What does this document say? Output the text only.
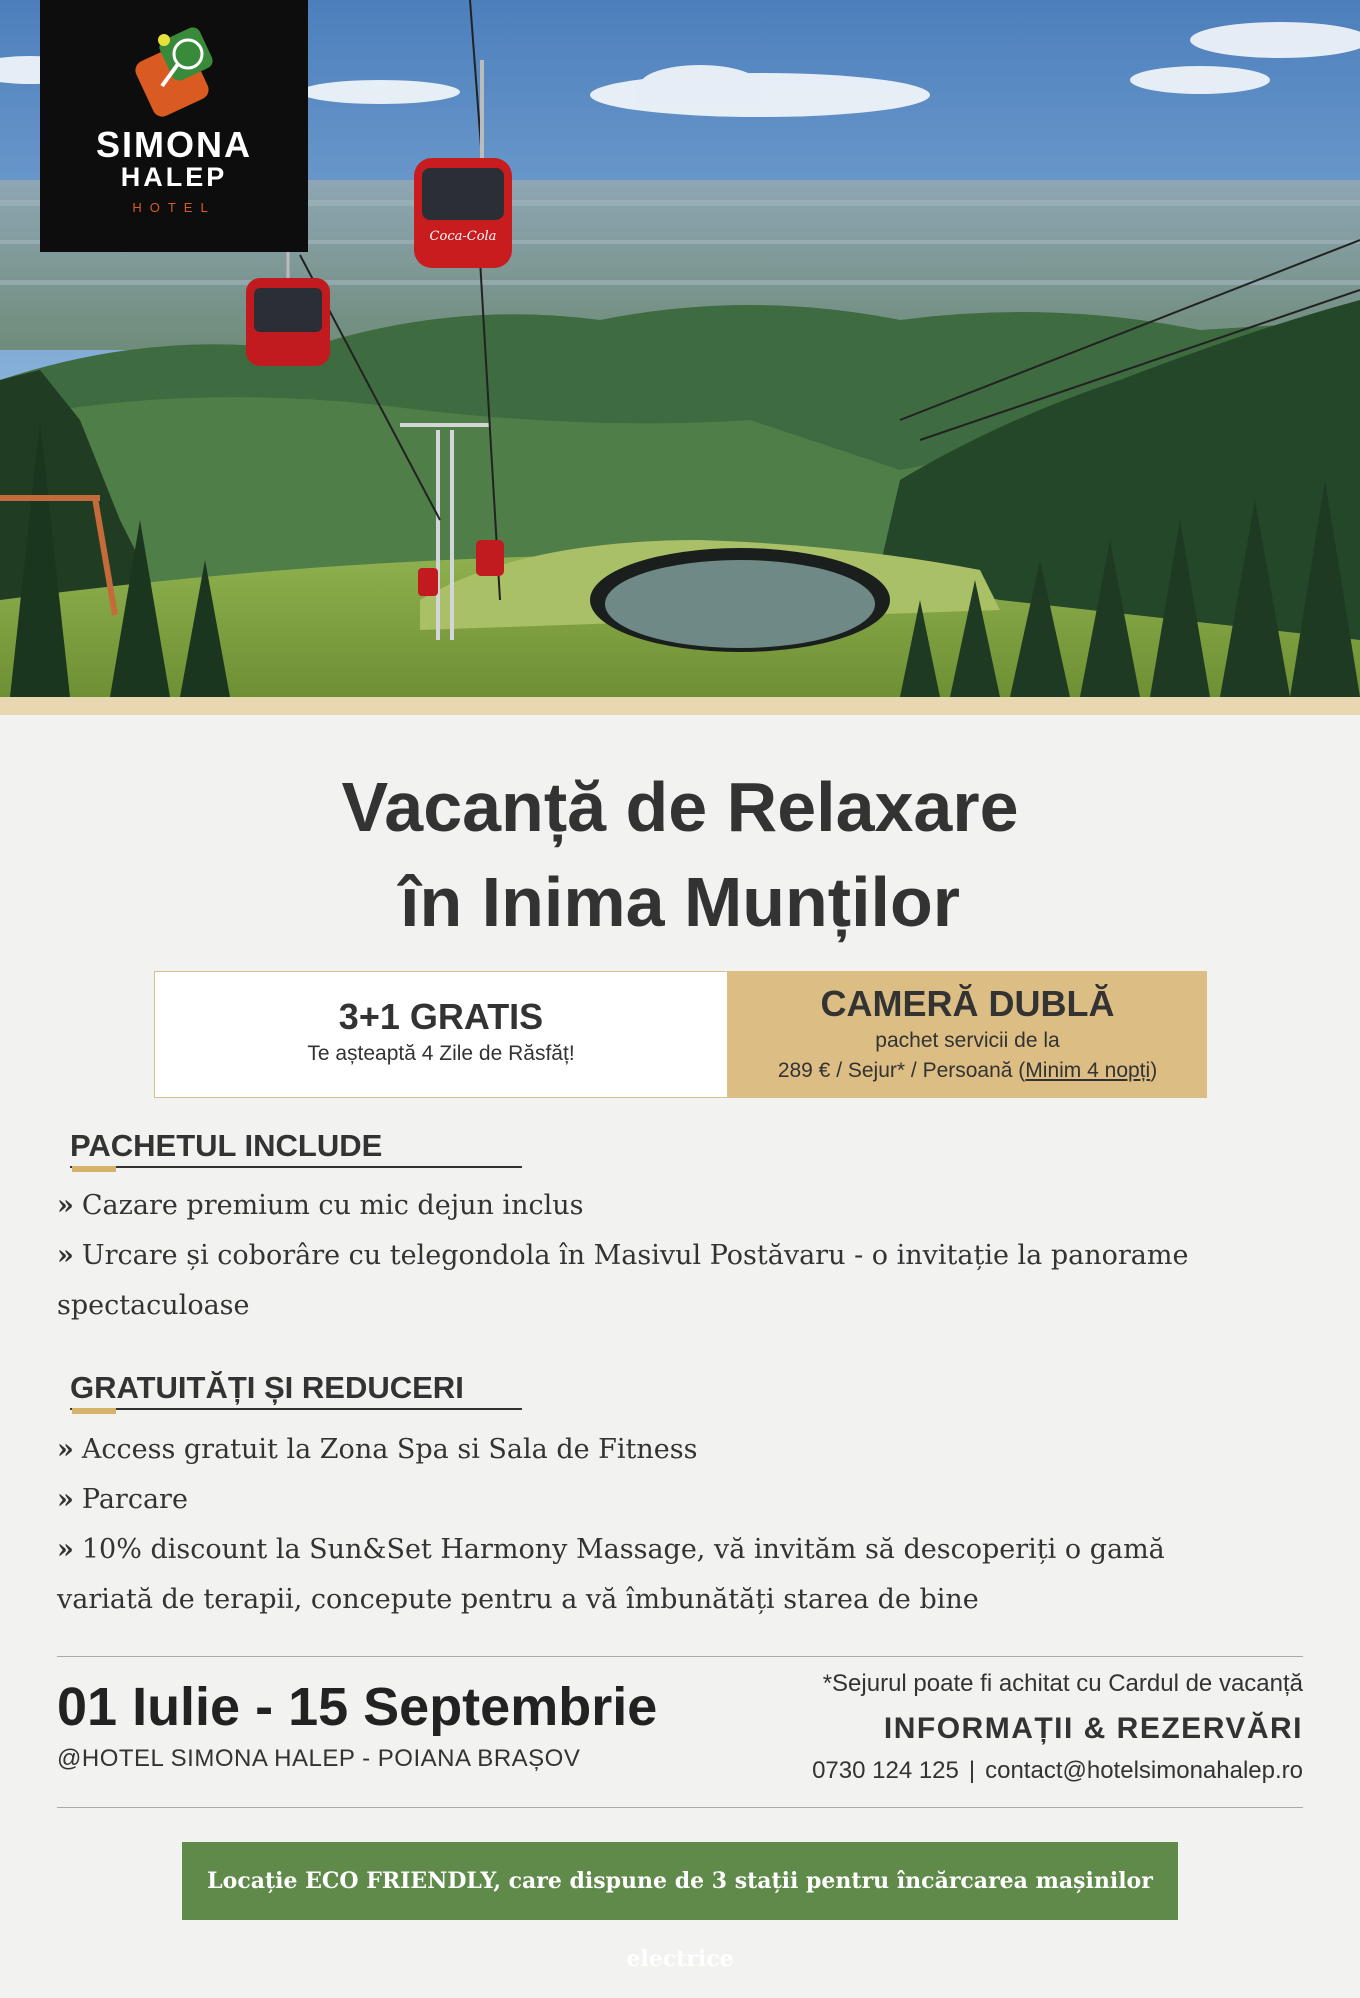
Coca-Cola
SIMONA
HALEP
HOTEL
Vacanță de Relaxare
în Inima Munților
3+1 GRATIS
Te așteaptă 4 Zile de Răsfăț!
CAMERĂ DUBLĂ
pachet servicii de la
289 € / Sejur* / Persoană (Minim 4 nopți)
PACHETUL INCLUDE
» Cazare premium cu mic dejun inclus
» Urcare și coborâre cu telegondola în Masivul Postăvaru - o invitație la panorame spectaculoase
GRATUITĂȚI ȘI REDUCERI
» Access gratuit la Zona Spa si Sala de Fitness
» Parcare
» 10% discount la Sun&Set Harmony Massage, vă invităm să descoperiți o gamă variată de terapii, concepute pentru a vă îmbunătăți starea de bine
01 Iulie - 15 Septembrie
@HOTEL SIMONA HALEP - POIANA BRAȘOV
*Sejurul poate fi achitat cu Cardul de vacanță
INFORMAȚII & REZERVĂRI
0730 124 125 | contact@hotelsimonahalep.ro
Locație ECO FRIENDLY, care dispune de 3 stații pentru încărcarea mașinilor electrice
